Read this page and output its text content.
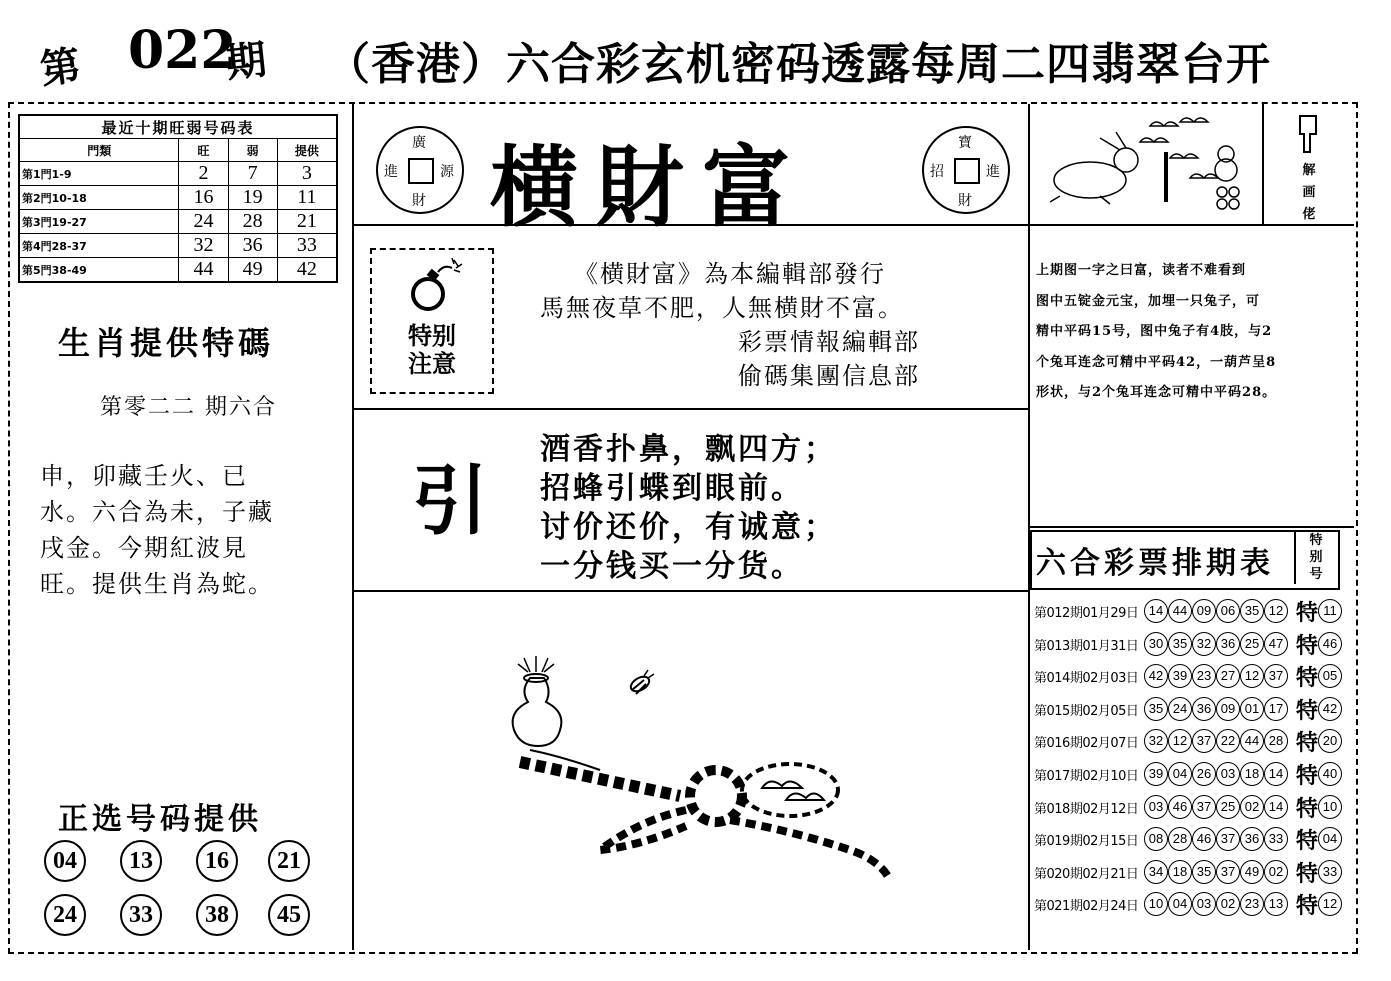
第 022
期 （香港）六合彩玄机密码透露每周二四翡翠台开
最近十期旺弱号码表			
門類	旺	弱	提供
第1門1-9	2	7	3
第2門10-18	16	19	11
第3門19-27	24	28	21
第4門28-37	32	36	33
第5門38-49	44	49	42
生肖提供特碼
第零二二 期六合
申，卯藏壬火、已
水。六合為未，子藏
戌金。今期紅波見
旺。提供生肖為蛇。
正选号码提供
04	13	16	21
24	33	38	45
廣
進	源
財 横財富	寶
招	進
財
特别
注意
《横財富》為本編輯部發行
馬無夜草不肥，人無横財不富。
彩票情報編輯部
偷碼集團信息部
引
酒香扑鼻，飘四方；
招蜂引蝶到眼前。
讨价还价，有诚意；
一分钱买一分货。
解
画
佬
上期图一字之曰富，读者不难看到
图中五锭金元宝，加埋一只兔子，可
精中平码15号，图中兔子有4肢，与2
个兔耳连念可精中平码42，一葫芦呈8
形状，与2个兔耳连念可精中平码28。
六合彩票排期表
特
别
号
第012期01月29日 14 44 09 06 35 12 特 11
第013期01月31日 30 35 32 36 25 47 特 46
第014期02月03日 42 39 23 27 12 37 特 05
第015期02月05日 35 24 36 09 01 17 特 42
第016期02月07日 32 12 37 22 44 28 特 20
第017期02月10日 39 04 26 03 18 14 特 40
第018期02月12日 03 46 37 25 02 14 特 10
第019期02月15日 08 28 46 37 36 33 特 04
第020期02月21日 34 18 35 37 49 02 特 33
第021期02月24日 10 04 03 02 23 13 特 12
